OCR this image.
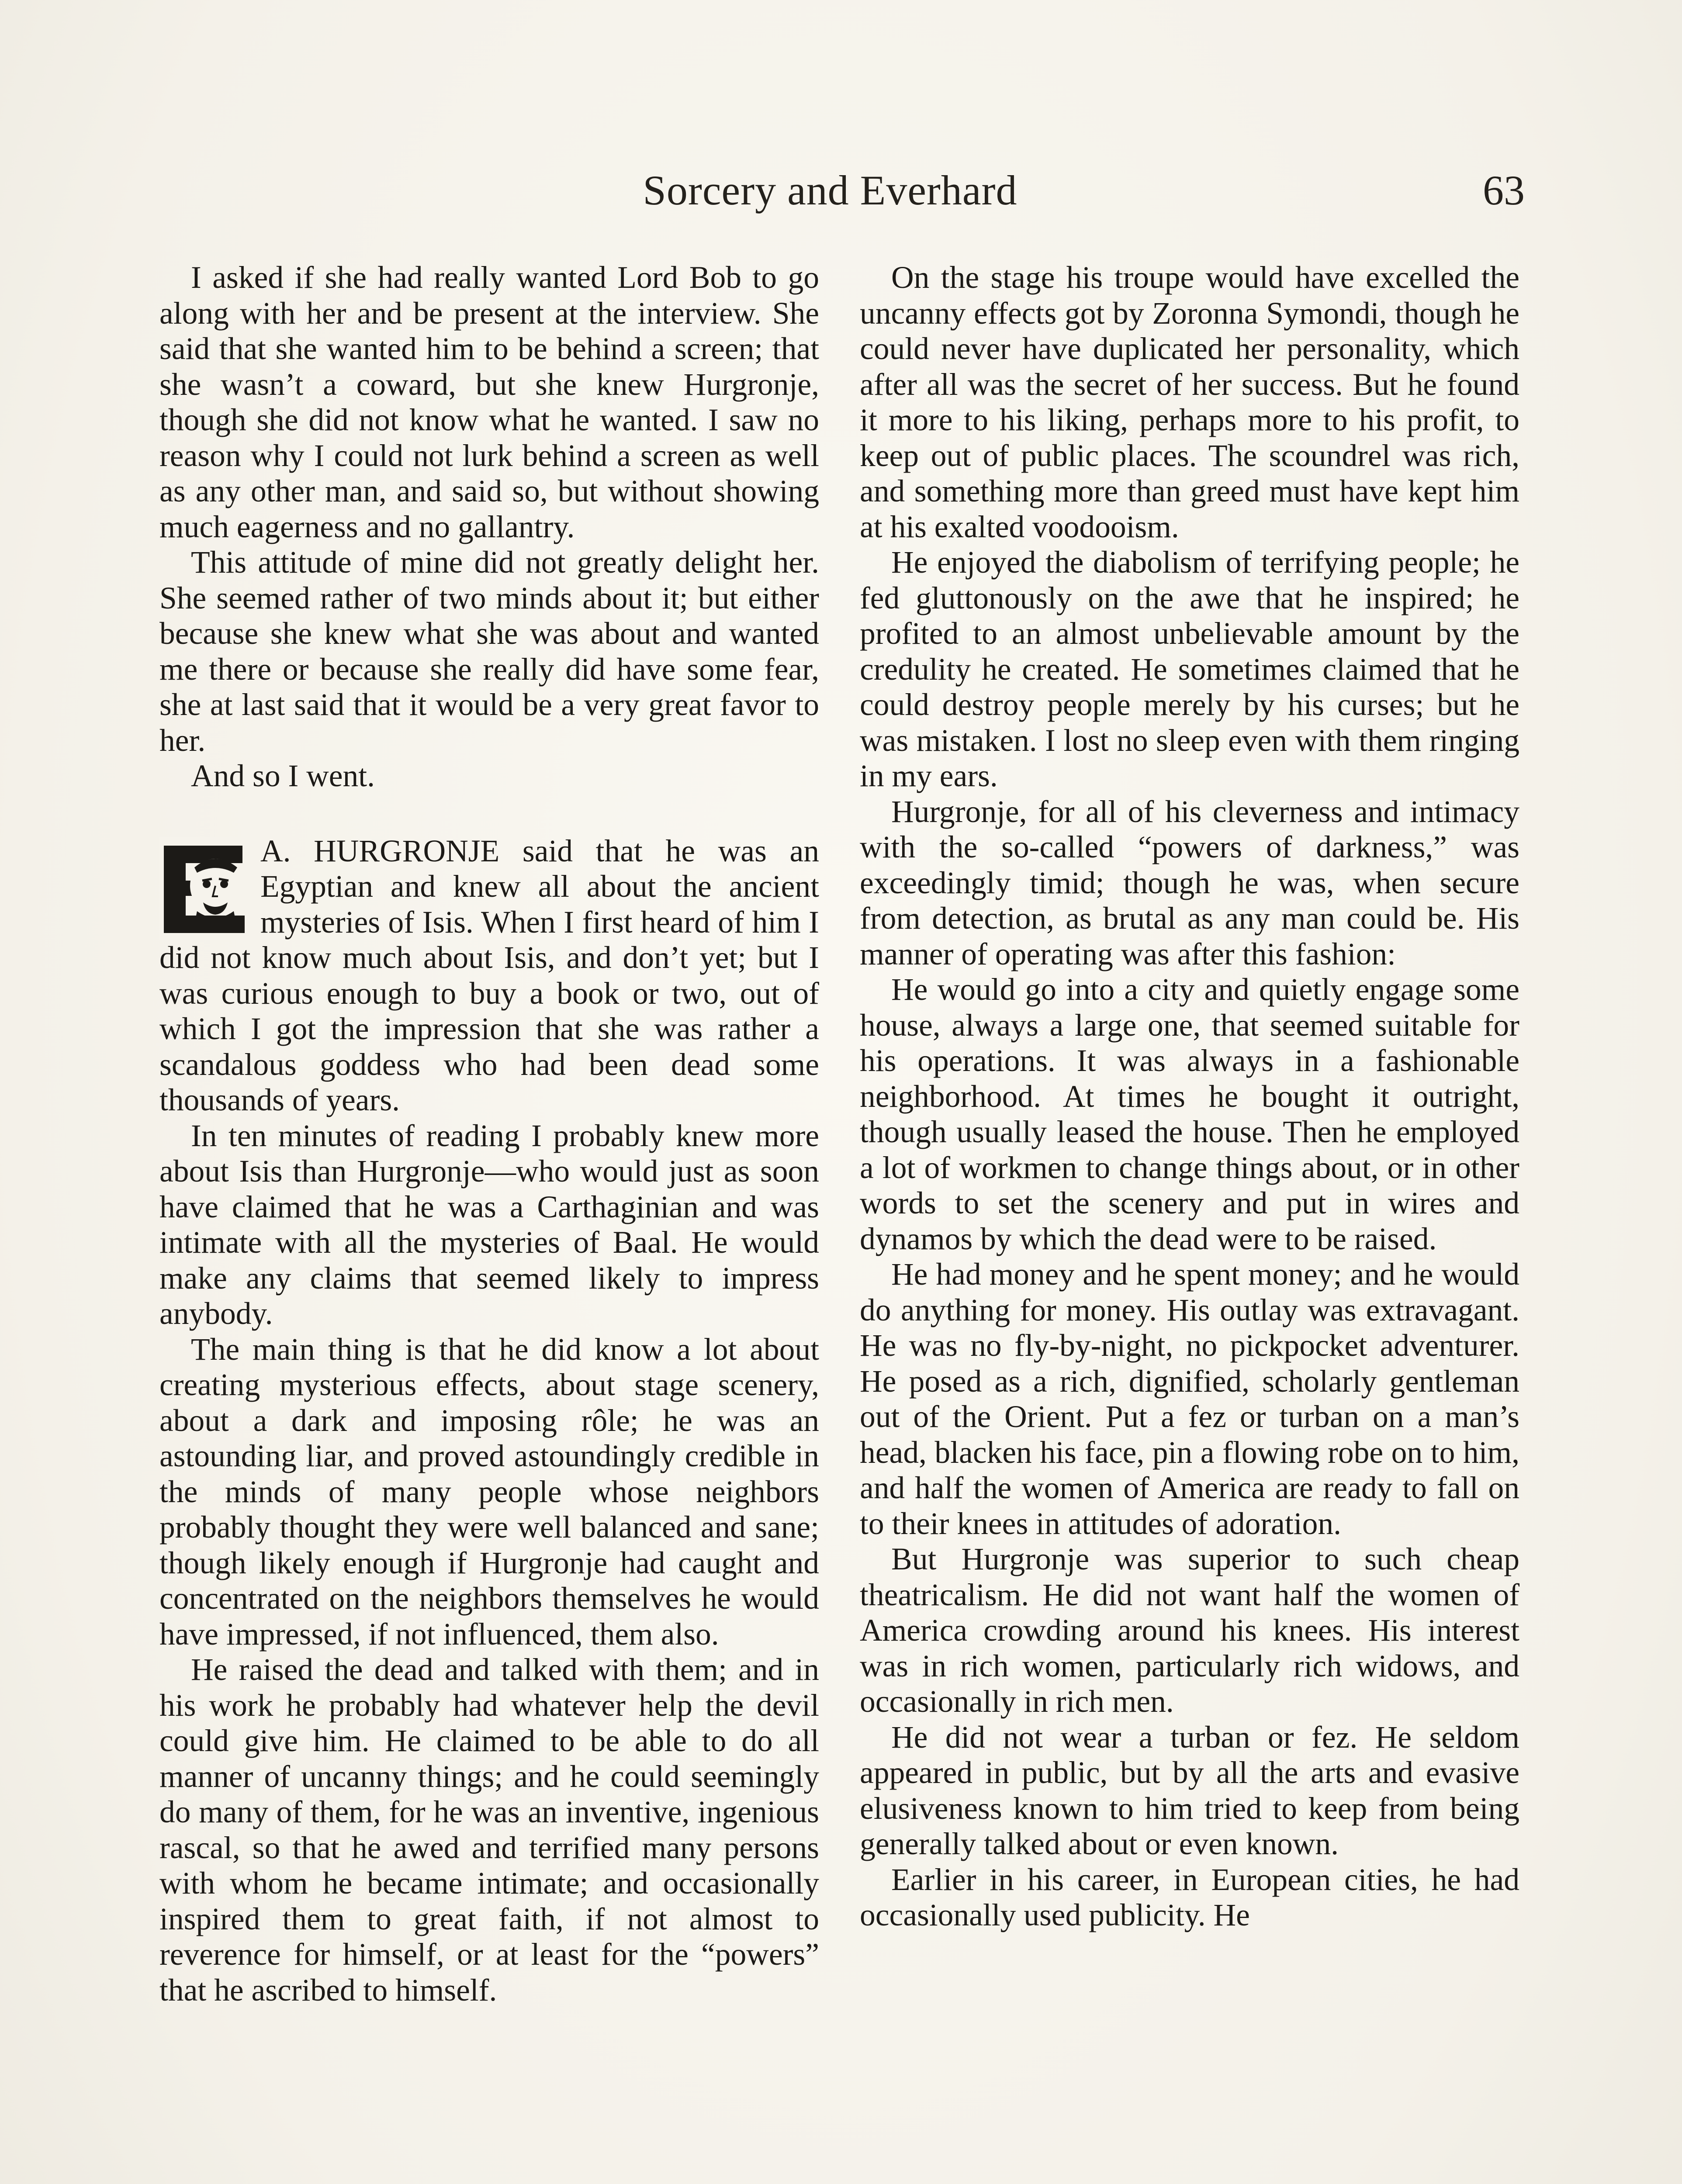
Sorcery and Everhard	63

I asked if she had really wanted Lord Bob to go along with her and be present at the interview. She said that she wanted him to be behind a screen; that she wasn’t a coward, but she knew Hurgronje, though she did not know what he wanted. I saw no reason why I could not lurk behind a screen as well as any other man, and said so, but without showing much eagerness and no gallantry.

This attitude of mine did not greatly delight her. She seemed rather of two minds about it; but either because she knew what she was about and wanted me there or because she really did have some fear, she at last said that it would be a very great favor to her.

And so I went.

A. HURGRONJE said that he was an Egyptian and knew all about the ancient mysteries of Isis. When I first heard of him I did not know much about Isis, and don’t yet; but I was curious enough to buy a book or two, out of which I got the impression that she was rather a scandalous goddess who had been dead some thousands of years.

In ten minutes of reading I probably knew more about Isis than Hurgronje—who would just as soon have claimed that he was a Carthaginian and was intimate with all the mysteries of Baal. He would make any claims that seemed likely to impress anybody.

The main thing is that he did know a lot about creating mysterious effects, about stage scenery, about a dark and imposing rôle; he was an astounding liar, and proved astoundingly credible in the minds of many people whose neighbors probably thought they were well balanced and sane; though likely enough if Hurgronje had caught and concentrated on the neighbors themselves he would have impressed, if not influenced, them also.

He raised the dead and talked with them; and in his work he probably had whatever help the devil could give him. He claimed to be able to do all manner of uncanny things; and he could seemingly do many of them, for he was an inventive, ingenious rascal, so that he awed and terrified many persons with whom he became intimate; and occasionally inspired them to great faith, if not almost to reverence for himself, or at least for the “powers” that he ascribed to himself.

On the stage his troupe would have excelled the uncanny effects got by Zoronna Symondi, though he could never have duplicated her personality, which after all was the secret of her success. But he found it more to his liking, perhaps more to his profit, to keep out of public places. The scoundrel was rich, and something more than greed must have kept him at his exalted voodooism.

He enjoyed the diabolism of terrifying people; he fed gluttonously on the awe that he inspired; he profited to an almost unbelievable amount by the credulity he created. He sometimes claimed that he could destroy people merely by his curses; but he was mistaken. I lost no sleep even with them ringing in my ears.

Hurgronje, for all of his cleverness and intimacy with the so-called “powers of darkness,” was exceedingly timid; though he was, when secure from detection, as brutal as any man could be. His manner of operating was after this fashion:

He would go into a city and quietly engage some house, always a large one, that seemed suitable for his operations. It was always in a fashionable neighborhood. At times he bought it outright, though usually leased the house. Then he employed a lot of workmen to change things about, or in other words to set the scenery and put in wires and dynamos by which the dead were to be raised.

He had money and he spent money; and he would do anything for money. His outlay was extravagant. He was no fly-by-night, no pickpocket adventurer. He posed as a rich, dignified, scholarly gentleman out of the Orient. Put a fez or turban on a man’s head, blacken his face, pin a flowing robe on to him, and half the women of America are ready to fall on to their knees in attitudes of adoration.

But Hurgronje was superior to such cheap theatricalism. He did not want half the women of America crowding around his knees. His interest was in rich women, particularly rich widows, and occasionally in rich men.

He did not wear a turban or fez. He seldom appeared in public, but by all the arts and evasive elusiveness known to him tried to keep from being generally talked about or even known.

Earlier in his career, in European cities, he had occasionally used publicity. He
